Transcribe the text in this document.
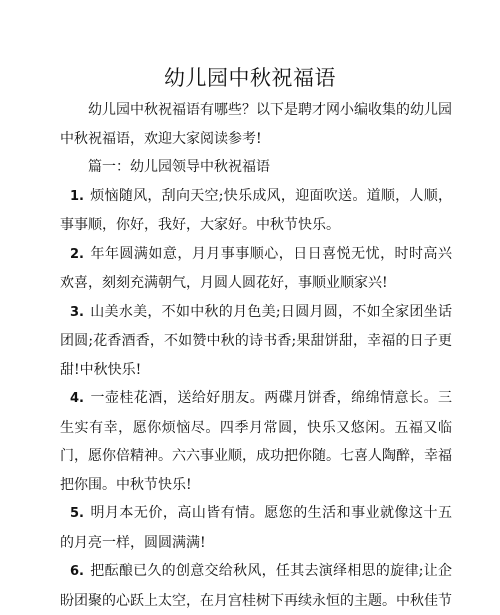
幼儿园中秋祝福语

幼儿园中秋祝福语有哪些？以下是聘才网小编收集的幼儿园中秋祝福语，欢迎大家阅读参考!

篇一：幼儿园领导中秋祝福语

1. 烦恼随风，刮向天空;快乐成风，迎面吹送。道顺，人顺，事事顺，你好，我好，大家好。中秋节快乐。

2. 年年圆满如意，月月事事顺心，日日喜悦无忧，时时高兴欢喜，刻刻充满朝气，月圆人圆花好，事顺业顺家兴!

3. 山美水美，不如中秋的月色美;日圆月圆，不如全家团坐话团圆;花香酒香，不如赞中秋的诗书香;果甜饼甜，幸福的日子更甜!中秋快乐!

4. 一壶桂花酒，送给好朋友。两碟月饼香，绵绵情意长。三生实有幸，愿你烦恼尽。四季月常圆，快乐又悠闲。五福又临门，愿你倍精神。六六事业顺，成功把你随。七喜人陶醉，幸福把你围。中秋节快乐!

5. 明月本无价，高山皆有情。愿您的生活和事业就像这十五的月亮一样，圆圆满满!

6. 把酝酿已久的创意交给秋风，任其去演绎相思的旋律;让企盼团聚的心跃上太空，在月宫桂树下再续永恒的主题。中秋佳节
